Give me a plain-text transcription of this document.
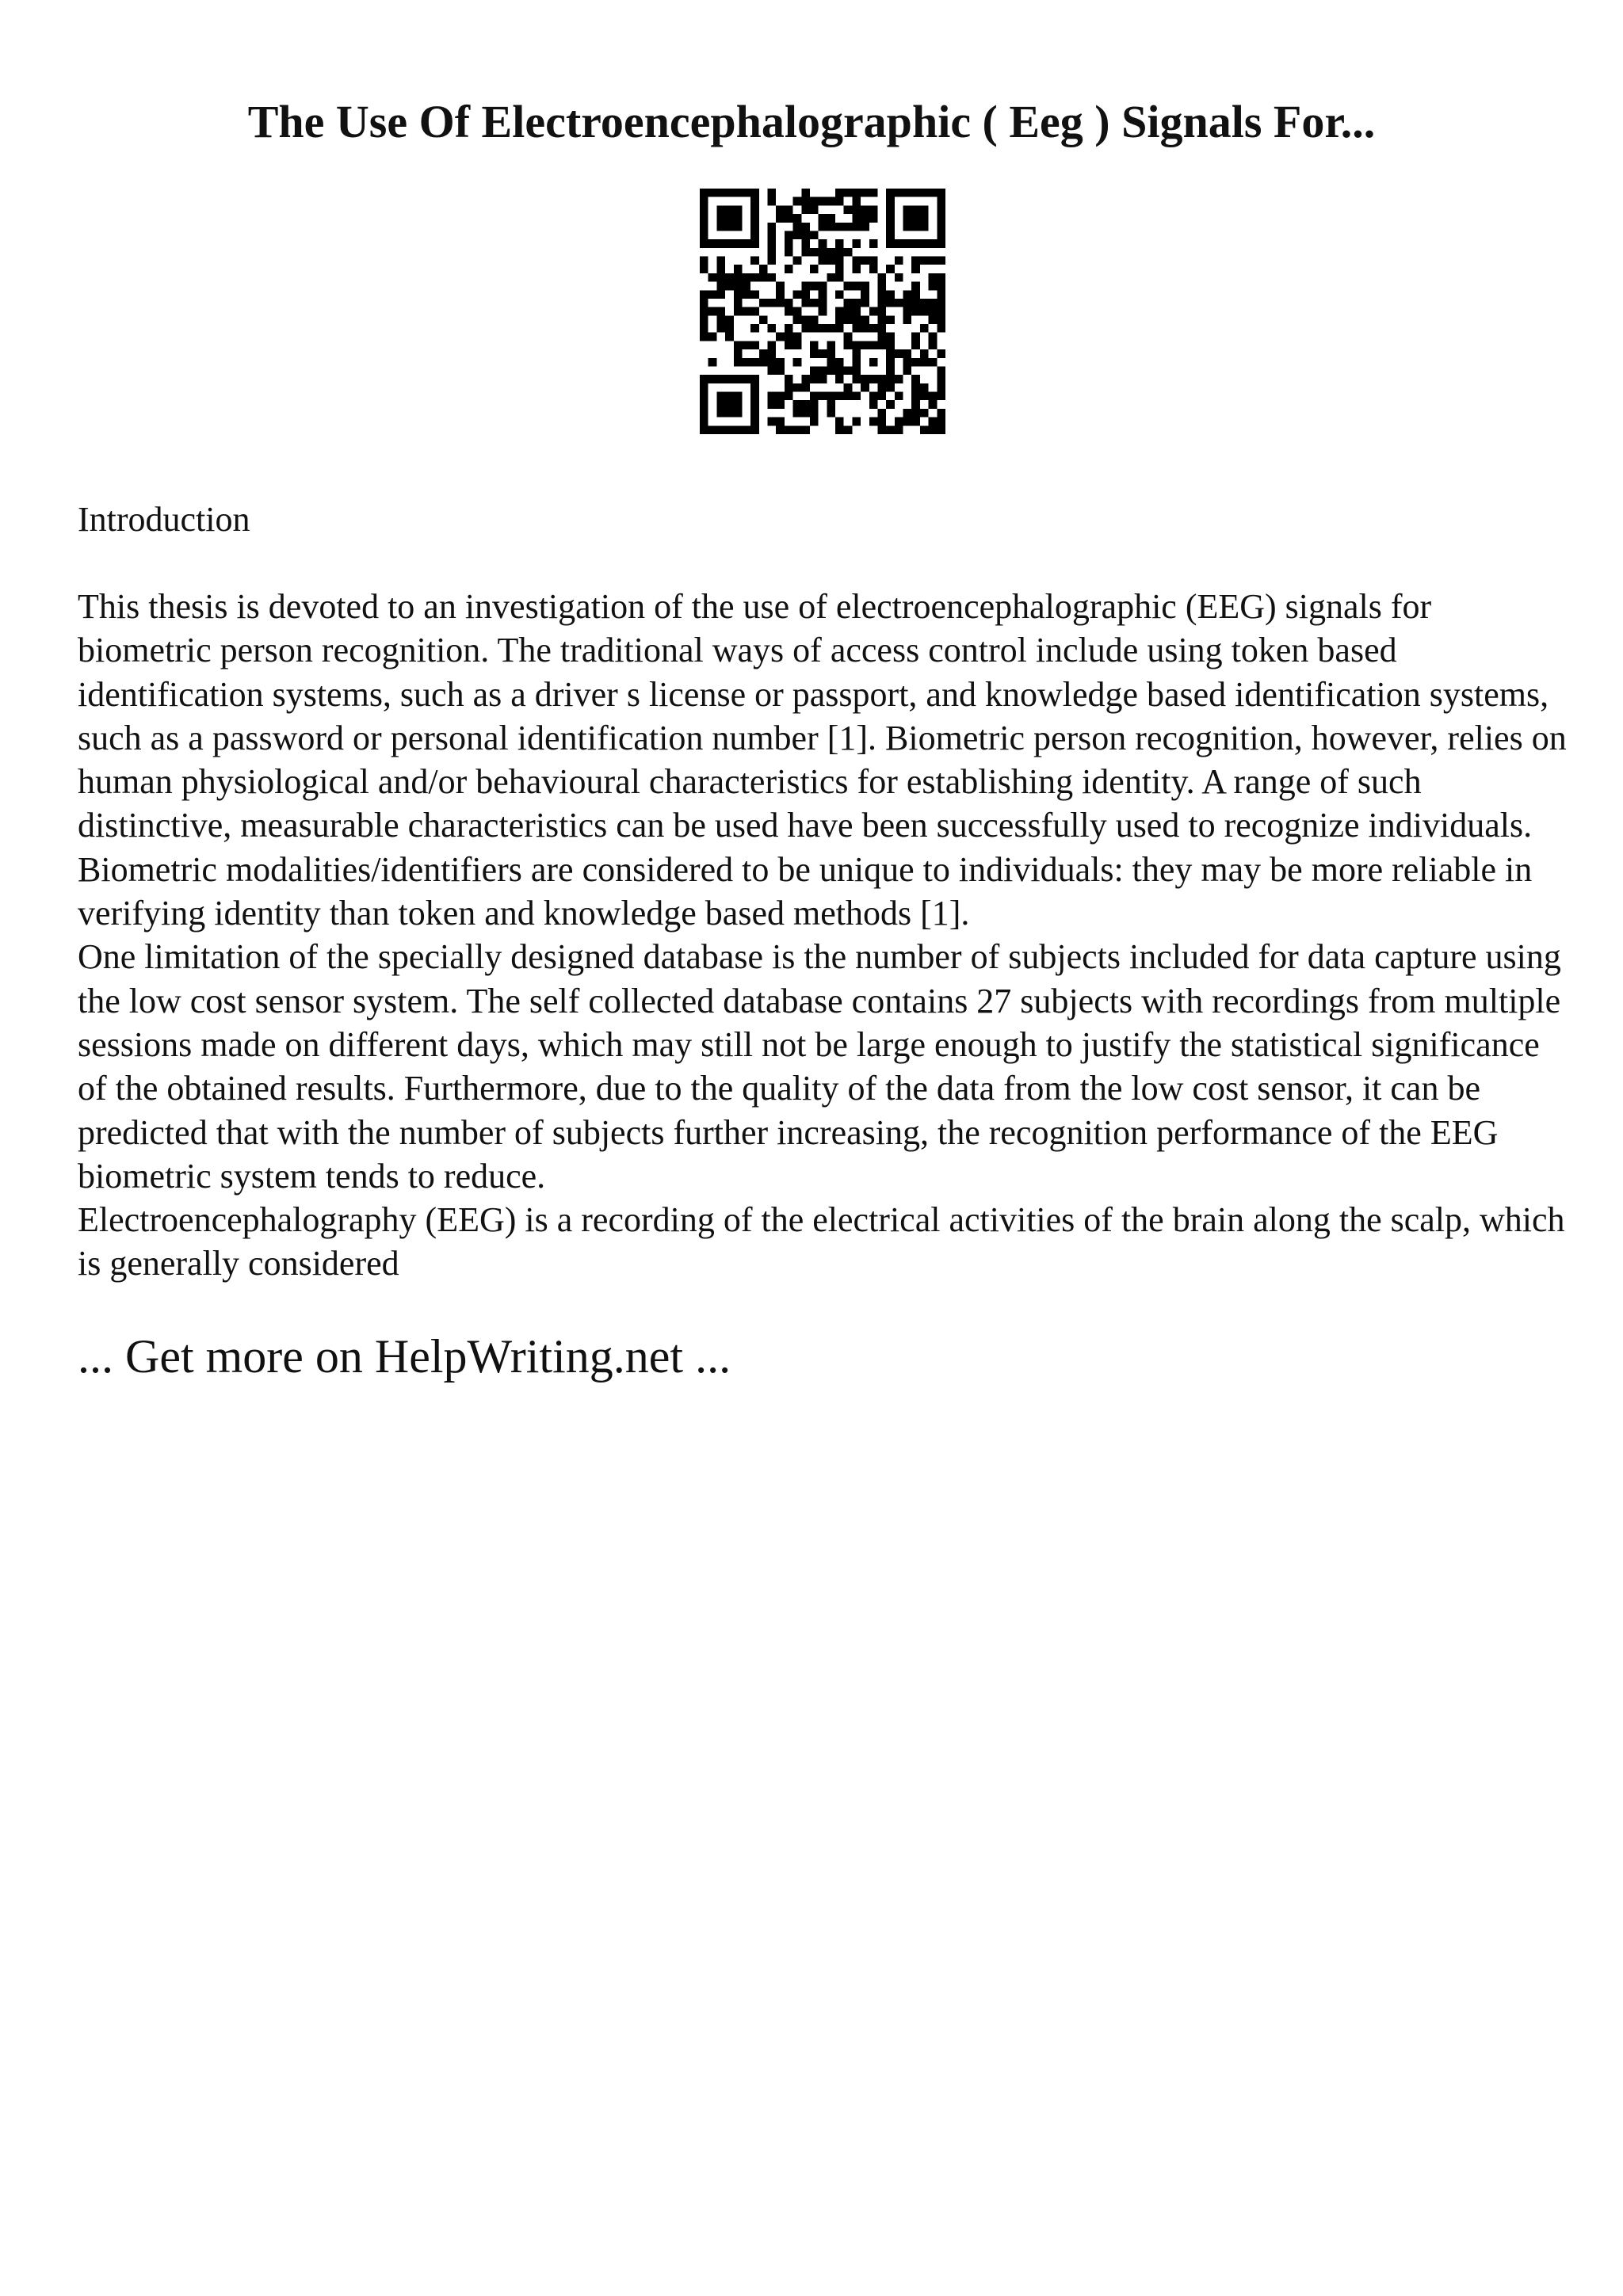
The Use Of Electroencephalographic ( Eeg ) Signals For...
Introduction

This thesis is devoted to an investigation of the use of electroencephalographic (EEG) signals for biometric person recognition. The traditional ways of access control include using token based identification systems, such as a driver s license or passport, and knowledge based identification systems, such as a password or personal identification number [1]. Biometric person recognition, however, relies on human physiological and/or behavioural characteristics for establishing identity. A range of such distinctive, measurable characteristics can be used have been successfully used to recognize individuals. Biometric modalities/identifiers are considered to be unique to individuals: they may be more reliable in verifying identity than token and knowledge based methods [1].

One limitation of the specially designed database is the number of subjects included for data capture using the low cost sensor system. The self collected database contains 27 subjects with recordings from multiple sessions made on different days, which may still not be large enough to justify the statistical significance of the obtained results. Furthermore, due to the quality of the data from the low cost sensor, it can be predicted that with the number of subjects further increasing, the recognition performance of the EEG biometric system tends to reduce.

Electroencephalography (EEG) is a recording of the electrical activities of the brain along the scalp, which is generally considered

... Get more on HelpWriting.net ...
